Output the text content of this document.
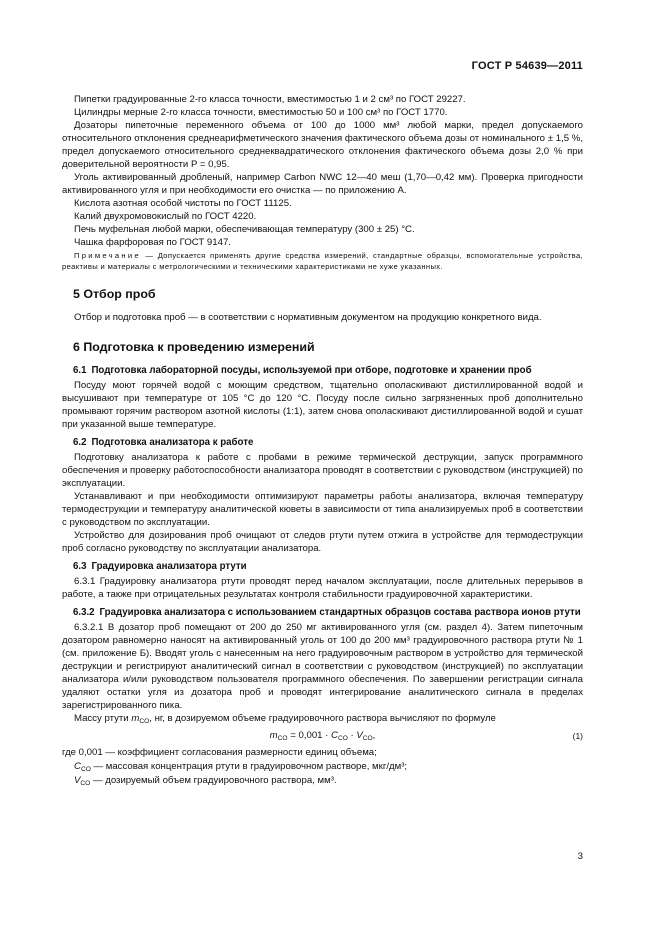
ГОСТ Р 54639—2011

Пипетки градуированные 2-го класса точности, вместимостью 1 и 2 см³ по ГОСТ 29227.

Цилиндры мерные 2-го класса точности, вместимостью 50 и 100 см³ по ГОСТ 1770.

Дозаторы пипеточные переменного объема от 100 до 1000 мм³ любой марки, предел допускаемого относительного отклонения среднеарифметического значения фактического объема дозы от номинального ± 1,5 %, предел допускаемого относительного среднеквадратического отклонения фактического объема дозы 2,0 % при доверительной вероятности P = 0,95.

Уголь активированный дробленый, например Carbon NWC 12—40 меш (1,70—0,42 мм). Проверка пригодности активированного угля и при необходимости его очистка — по приложению А.

Кислота азотная особой чистоты по ГОСТ 11125.

Калий двухромовокислый по ГОСТ 4220.

Печь муфельная любой марки, обеспечивающая температуру (300 ± 25) °С.

Чашка фарфоровая по ГОСТ 9147.

Примечание — Допускается применять другие средства измерений, стандартные образцы, вспомогательные устройства, реактивы и материалы с метрологическими и техническими характеристиками не хуже указанных.

5 Отбор проб

Отбор и подготовка проб — в соответствии с нормативным документом на продукцию конкретного вида.

6 Подготовка к проведению измерений
6.1 Подготовка лабораторной посуды, используемой при отборе, подготовке и хранении проб

Посуду моют горячей водой с моющим средством, тщательно ополаскивают дистиллированной водой и высушивают при температуре от 105 °С до 120 °С. Посуду после сильно загрязненных проб дополнительно промывают горячим раствором азотной кислоты (1:1), затем снова ополаскивают дистиллированной водой и сушат при указанной выше температуре.

6.2 Подготовка анализатора к работе

Подготовку анализатора к работе с пробами в режиме термической деструкции, запуск программного обеспечения и проверку работоспособности анализатора проводят в соответствии с руководством (инструкцией) по эксплуатации.

Устанавливают и при необходимости оптимизируют параметры работы анализатора, включая температуру термодеструкции и температуру аналитической кюветы в зависимости от типа анализируемых проб в соответствии с руководством по эксплуатации.

Устройство для дозирования проб очищают от следов ртути путем отжига в устройстве для термодеструкции проб согласно руководству по эксплуатации анализатора.

6.3 Градуировка анализатора ртути

6.3.1 Градуировку анализатора ртути проводят перед началом эксплуатации, после длительных перерывов в работе, а также при отрицательных результатах контроля стабильности градуировочной характеристики.

6.3.2 Градуировка анализатора с использованием стандартных образцов состава раствора ионов ртути

6.3.2.1 В дозатор проб помещают от 200 до 250 мг активированного угля (см. раздел 4). Затем пипеточным дозатором равномерно наносят на активированный уголь от 100 до 200 мм³ градуировочного раствора ртути № 1 (см. приложение Б). Вводят уголь с нанесенным на него градуировочным раствором в устройство для термической деструкции и регистрируют аналитический сигнал в соответствии с руководством (инструкцией) по эксплуатации анализатора и/или руководством пользователя программного обеспечения. По завершении регистрации сигнала удаляют остатки угля из дозатора проб и проводят интегрирование аналитического сигнала в пределах зарегистрированного пика.

Массу ртути $m_{CO}$, нг, в дозируемом объеме градуировочного раствора вычисляют по формуле

$m_{CO} = 0,001 \cdot C_{CO} \cdot V_{CO}$,	(1)

где 0,001 — коэффициент согласования размерности единиц объема;

$C_{CO}$ — массовая концентрация ртути в градуировочном растворе, мкг/дм³;

$V_{CO}$ — дозируемый объем градуировочного раствора, мм³.

3
